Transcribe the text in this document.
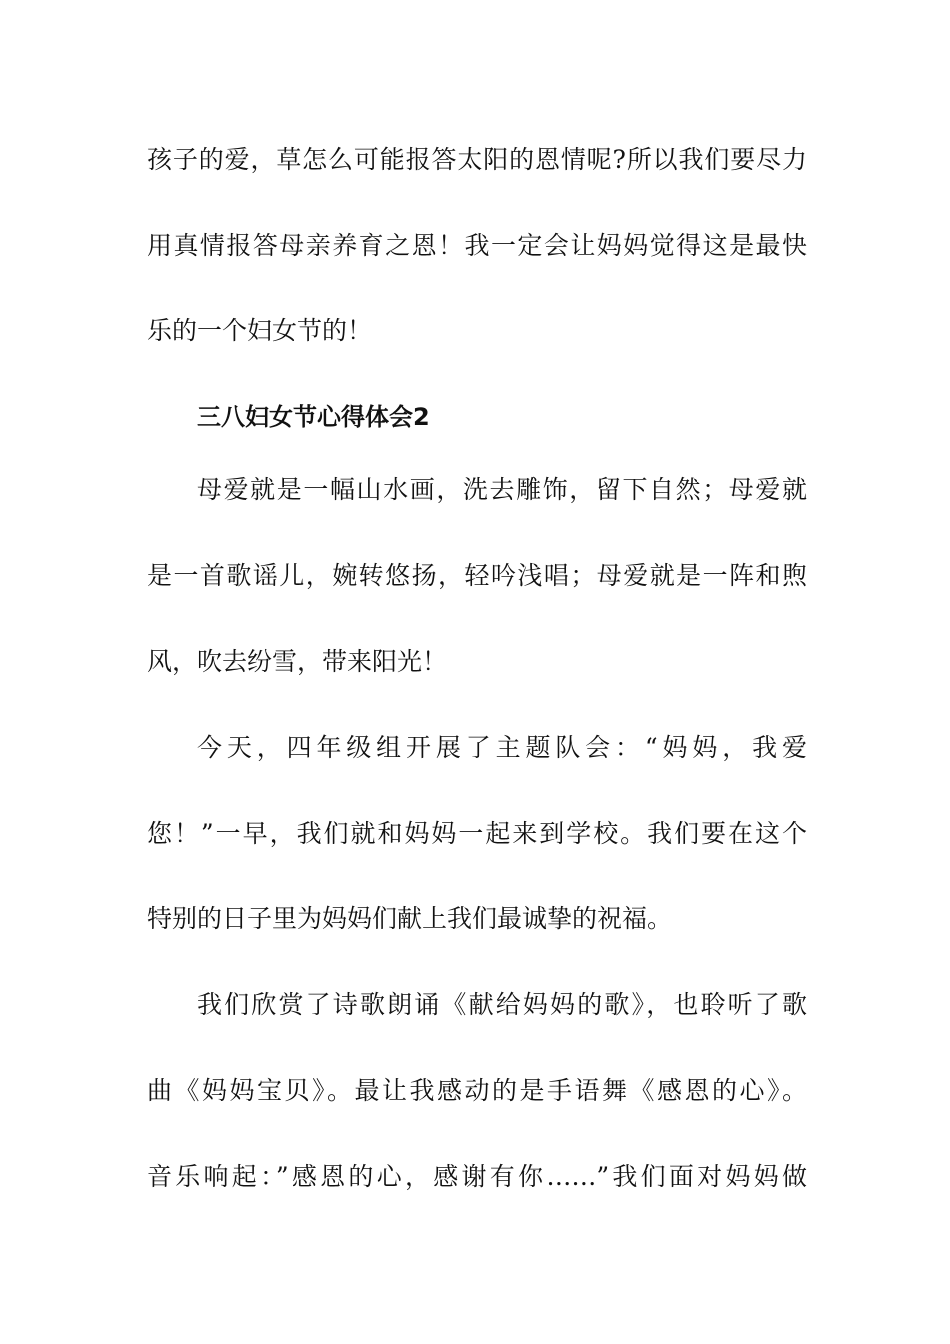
孩子的爱，草怎么可能报答太阳的恩情呢?所以我们要尽力
用真情报答母亲养育之恩！我一定会让妈妈觉得这是最快
乐的一个妇女节的！
三八妇女节心得体会2
母爱就是一幅山水画，洗去雕饰，留下自然；母爱就
是一首歌谣儿，婉转悠扬，轻吟浅唱；母爱就是一阵和煦
风，吹去纷雪，带来阳光！
今天，四年级组开展了主题队会：“妈妈，我爱
您！”一早，我们就和妈妈一起来到学校。我们要在这个
特别的日子里为妈妈们献上我们最诚挚的祝福。
我们欣赏了诗歌朗诵《献给妈妈的歌》，也聆听了歌
曲《妈妈宝贝》。最让我感动的是手语舞《感恩的心》。
音乐响起：”感恩的心，感谢有你……”我们面对妈妈做
